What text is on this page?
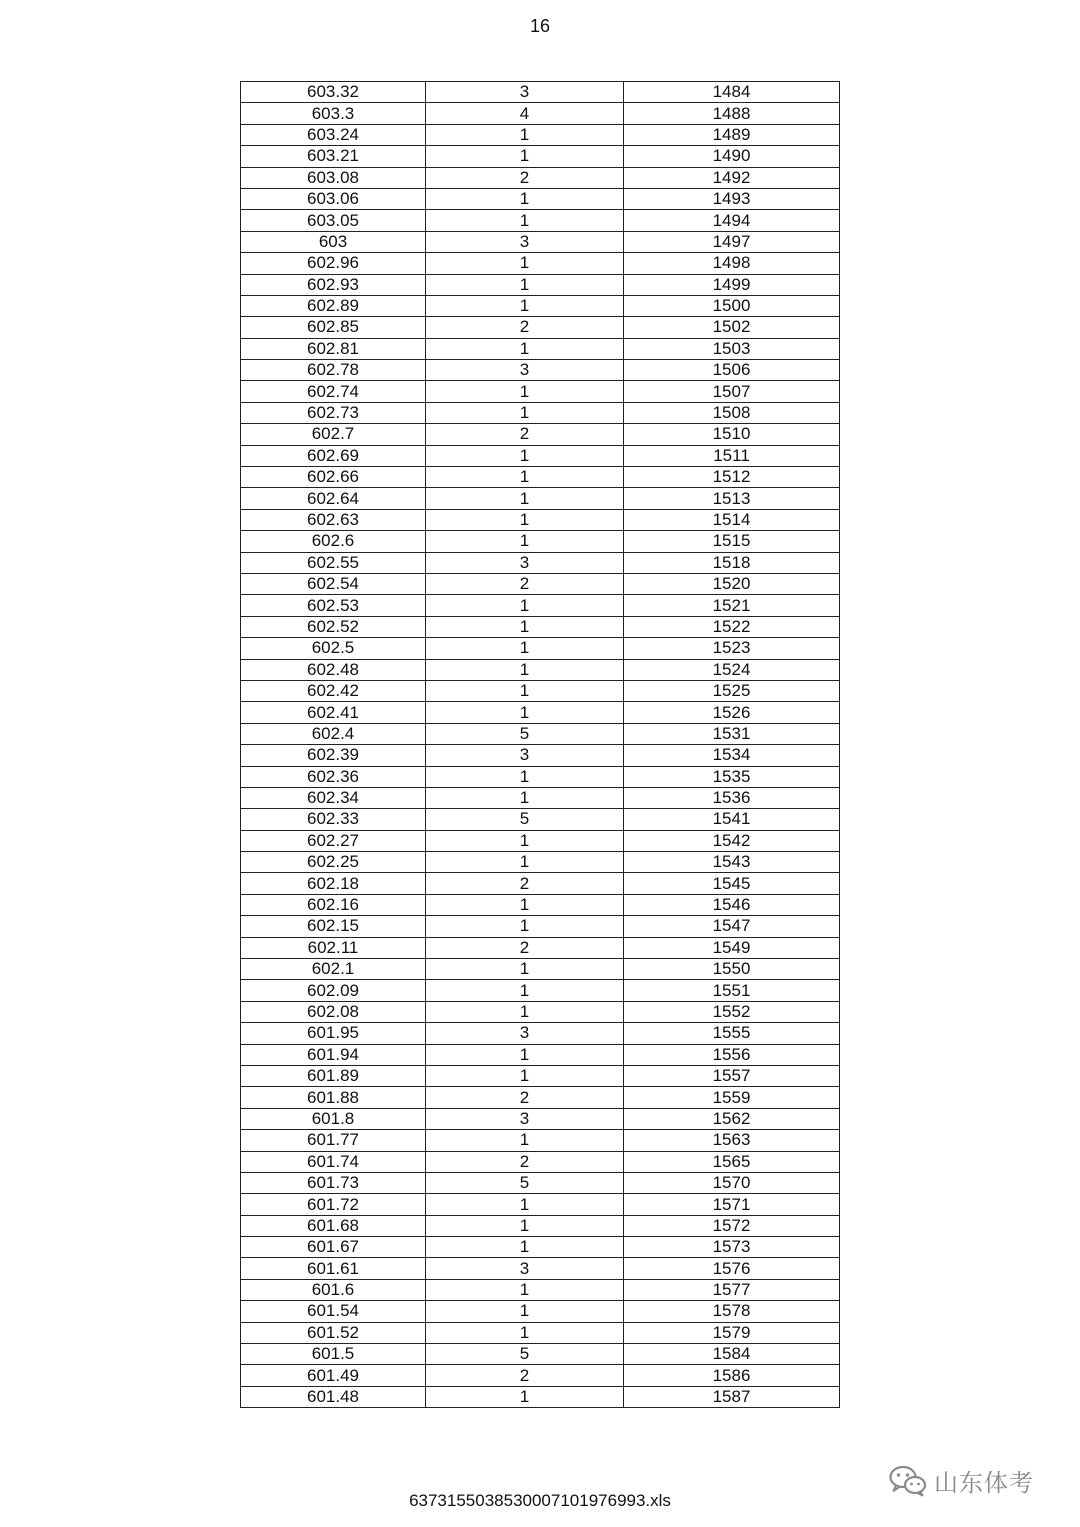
16
603.32	3	1484
603.3	4	1488
603.24	1	1489
603.21	1	1490
603.08	2	1492
603.06	1	1493
603.05	1	1494
603	3	1497
602.96	1	1498
602.93	1	1499
602.89	1	1500
602.85	2	1502
602.81	1	1503
602.78	3	1506
602.74	1	1507
602.73	1	1508
602.7	2	1510
602.69	1	1511
602.66	1	1512
602.64	1	1513
602.63	1	1514
602.6	1	1515
602.55	3	1518
602.54	2	1520
602.53	1	1521
602.52	1	1522
602.5	1	1523
602.48	1	1524
602.42	1	1525
602.41	1	1526
602.4	5	1531
602.39	3	1534
602.36	1	1535
602.34	1	1536
602.33	5	1541
602.27	1	1542
602.25	1	1543
602.18	2	1545
602.16	1	1546
602.15	1	1547
602.11	2	1549
602.1	1	1550
602.09	1	1551
602.08	1	1552
601.95	3	1555
601.94	1	1556
601.89	1	1557
601.88	2	1559
601.8	3	1562
601.77	1	1563
601.74	2	1565
601.73	5	1570
601.72	1	1571
601.68	1	1572
601.67	1	1573
601.61	3	1576
601.6	1	1577
601.54	1	1578
601.52	1	1579
601.5	5	1584
601.49	2	1586
601.48	1	1587
山东体考
6373155038530007101976993.xls
